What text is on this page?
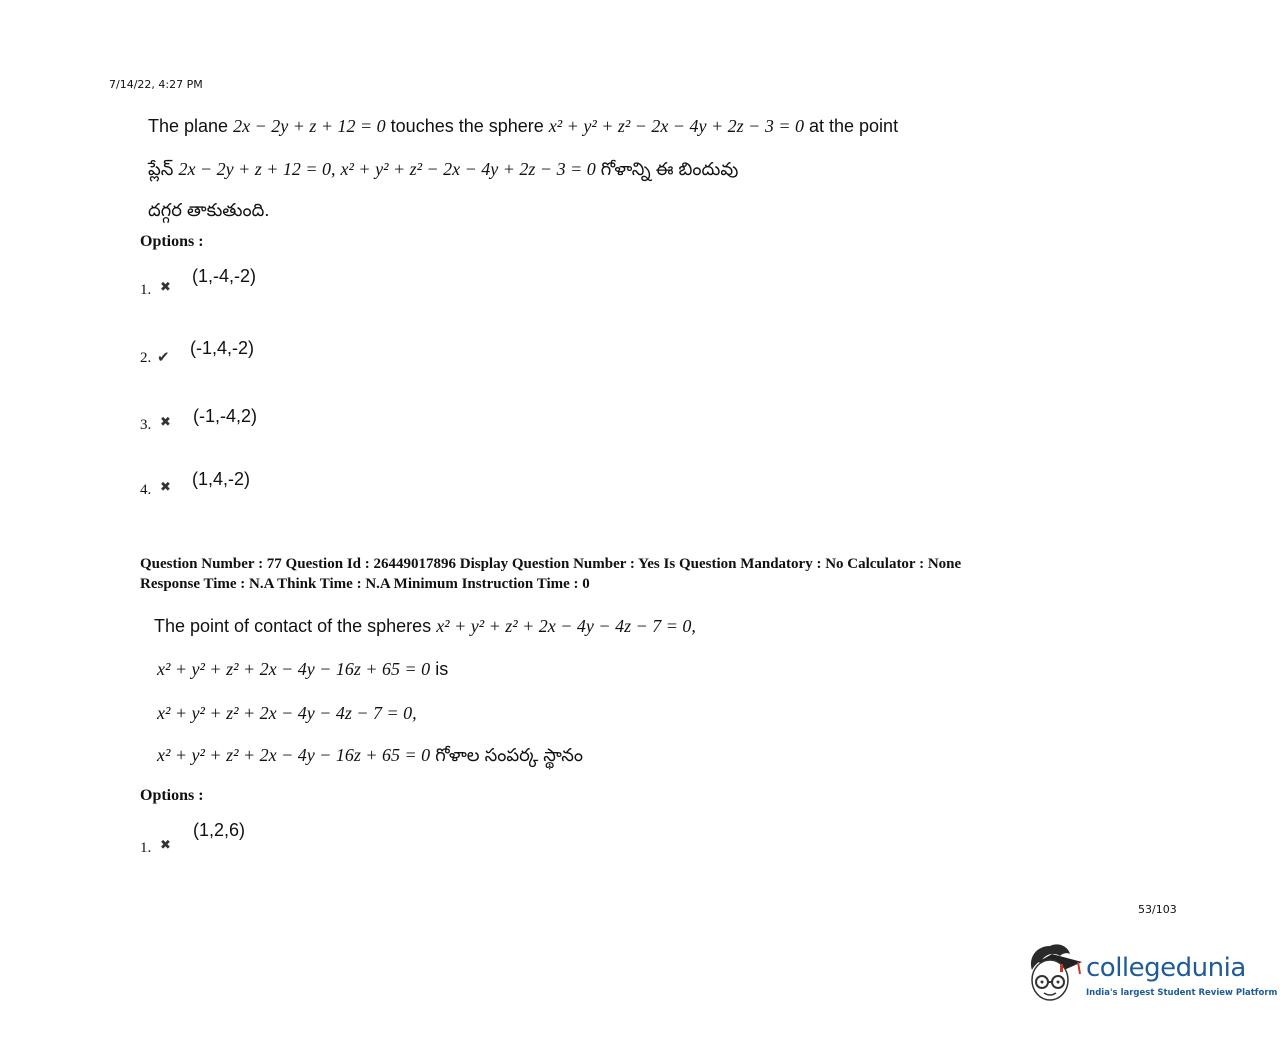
7/14/22, 4:27 PM
The plane 2x − 2y + z + 12 = 0 touches the sphere x² + y² + z² − 2x − 4y + 2z − 3 = 0 at the point
ప్లేన్ 2x − 2y + z + 12 = 0, x² + y² + z² − 2x − 4y + 2z − 3 = 0 గోళాన్ని ఈ బిందువు
దగ్గర తాకుతుంది.
Options :
1. ✖
(1,-4,-2)
2. ✔ (-1,4,-2)
3. ✖ (-1,-4,2)
4. ✖ (1,4,-2)
Question Number : 77 Question Id : 26449017896 Display Question Number : Yes Is Question Mandatory : No Calculator : None
Response Time : N.A Think Time : N.A Minimum Instruction Time : 0
The point of contact of the spheres x² + y² + z² + 2x − 4y − 4z − 7 = 0,
x² + y² + z² + 2x − 4y − 16z + 65 = 0 is
x² + y² + z² + 2x − 4y − 4z − 7 = 0,
x² + y² + z² + 2x − 4y − 16z + 65 = 0 గోళాల సంపర్క స్థానం
Options :
1. ✖
(1,2,6)
53/103
collegedunia
India's largest Student Review Platform
